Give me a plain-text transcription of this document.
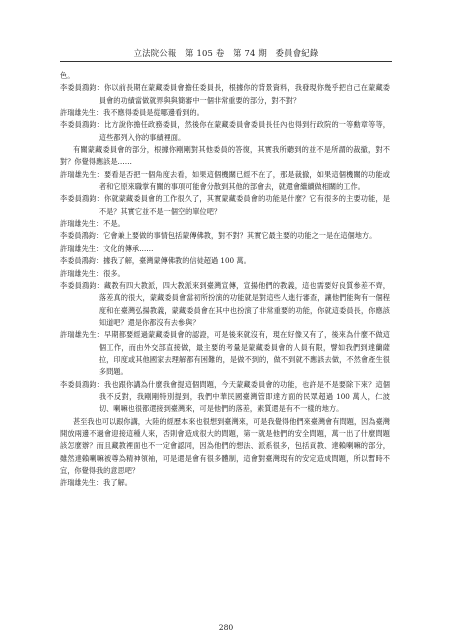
立法院公報　第 105 卷　第 74 期　委員會紀錄

色。

李委員鴻鈞：你以前長期在蒙藏委員會擔任委員長，根據你的背景資料，我發現你幾乎把自己在蒙藏委員會的功績當做就界與與簡審中一個非常重要的部分，對不對？

許瑞雄先生：我不應得委員是從哪邊看到的。

李委員鴻鈞：比方說你擔任政務委員，然後你在蒙藏委員會委員長任內也得到行政院的一等勳章等等，這些都列入你的事績裡面。

有關蒙藏委員會的部分，根據你剛剛對其他委員的答復，其實我所聽到的並不是所謂的裁撤，對不對？你覺得應該是……

許瑞雄先生：要看是否把一個角度去看，如果這個機關已經不在了，那是裁撤，如果這個機關的功能或者和它原來職掌有關的事項可能會分散到其他的部會去，就還會繼續做相關的工作。

李委員鴻鈞：你就蒙藏委員會的工作很久了，其實蒙藏委員會的功能是什麼？它有很多的主要功能，是不是？其實它並不是一個空的單位吧？

許瑞雄先生：不是。

李委員鴻鈞：它會兼上要做的事情包括蒙傳佛教，對不對？其實它最主要的功能之一是在這個地方。

許瑞雄先生：文化的傳承……

李委員鴻鈞：據我了解，臺灣蒙傳佛教的信徒超過 100 萬。

許瑞雄先生：很多。

李委員鴻鈞：藏教有四大教派，四大教派來到臺灣宣傳，宣揚他們的教義，這也需要好良質參差不齊，落差真的很大，蒙藏委員會當初所扮演的功能就是對這些人進行審查，讓他們能夠有一個程度和在臺灣弘揚教義，蒙藏委員會在其中也扮演了非常重要的功能，你就這委員長，你應該知道吧？還是你都沒有去參與？

許瑞雄先生：早期都要經過蒙藏委員會的認證，可是後來就沒有，現在好像又有了，後來為什麼不做這個工作，而由外交部直接做，最主要的考量是蒙藏委員會的人員有限，譬如我們到達蘭薩拉，印度或其他國家去理解都有困難的，是做不到的，做不到就不應該去做，不然會產生很多問題。

李委員鴻鈞：我也跟你講為什麼我會提這個問題，今天蒙藏委員會的功能，也許是不是要除下來？這個我不反對，我剛剛特別提到，我們中華民國臺灣管即達方面的民眾超過 100 萬人，仁波切、喇嘛也很都還接到臺灣來，可是他們的落差，素質還是有不一樣的地方。

甚至我也可以跟你講，大陸的經歷本來也很想到臺灣來，可是我覺得他們來臺灣會有問題，因為臺灣開放兩邊不過會迎接這種人來，否則會造成很大的問題，第一就是他們的安全問題，萬一出了什麼問題該怎麼辦？而且藏教裡面也不一定會認同，因為他們的想法、派系很多，包括貢教、達賴喇嘛的部分，雖然達賴喇嘛被尊為精神領袖，可是還是會有很多體制，這會對臺灣現有的安定造成問題，所以暫時不宜，你覺得我的意思吧？

許瑞雄先生：我了解。

280
